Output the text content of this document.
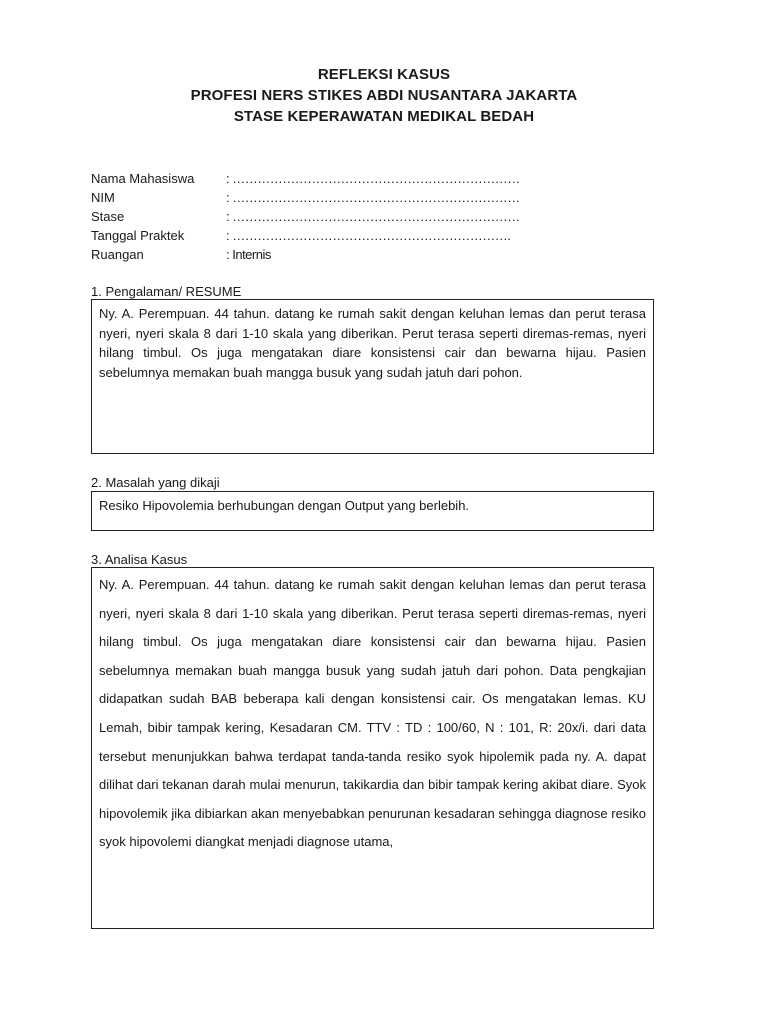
REFLEKSI KASUS
PROFESI NERS STIKES ABDI NUSANTARA JAKARTA
STASE KEPERAWATAN MEDIKAL BEDAH
Nama Mahasiswa	: ……………………………………………………………
NIM	: ……………………………………………………………
Stase	: ……………………………………………………………
Tanggal Praktek	: ………………………………………………………….
Ruangan	: Internis
1. Pengalaman/ RESUME
Ny. A. Perempuan. 44 tahun. datang ke rumah sakit dengan keluhan lemas dan perut terasa nyeri, nyeri skala 8 dari 1-10 skala yang diberikan. Perut terasa seperti diremas-remas, nyeri hilang timbul. Os juga mengatakan diare konsistensi cair dan bewarna hijau. Pasien sebelumnya memakan buah mangga busuk yang sudah jatuh dari pohon.
2. Masalah yang dikaji
Resiko Hipovolemia berhubungan dengan Output yang berlebih.
3. Analisa Kasus
Ny. A. Perempuan. 44 tahun. datang ke rumah sakit dengan keluhan lemas dan perut terasa nyeri, nyeri skala 8 dari 1-10 skala yang diberikan. Perut terasa seperti diremas-remas, nyeri hilang timbul. Os juga mengatakan diare konsistensi cair dan bewarna hijau. Pasien sebelumnya memakan buah mangga busuk yang sudah jatuh dari pohon. Data pengkajian didapatkan sudah BAB beberapa kali dengan konsistensi cair. Os mengatakan lemas. KU Lemah, bibir tampak kering, Kesadaran CM. TTV : TD : 100/60, N : 101, R: 20x/i. dari data tersebut menunjukkan bahwa terdapat tanda-tanda resiko syok hipolemik pada ny. A. dapat dilihat dari tekanan darah mulai menurun, takikardia dan bibir tampak kering akibat diare. Syok hipovolemik jika dibiarkan akan menyebabkan penurunan kesadaran sehingga diagnose resiko syok hipovolemi diangkat menjadi diagnose utama,
